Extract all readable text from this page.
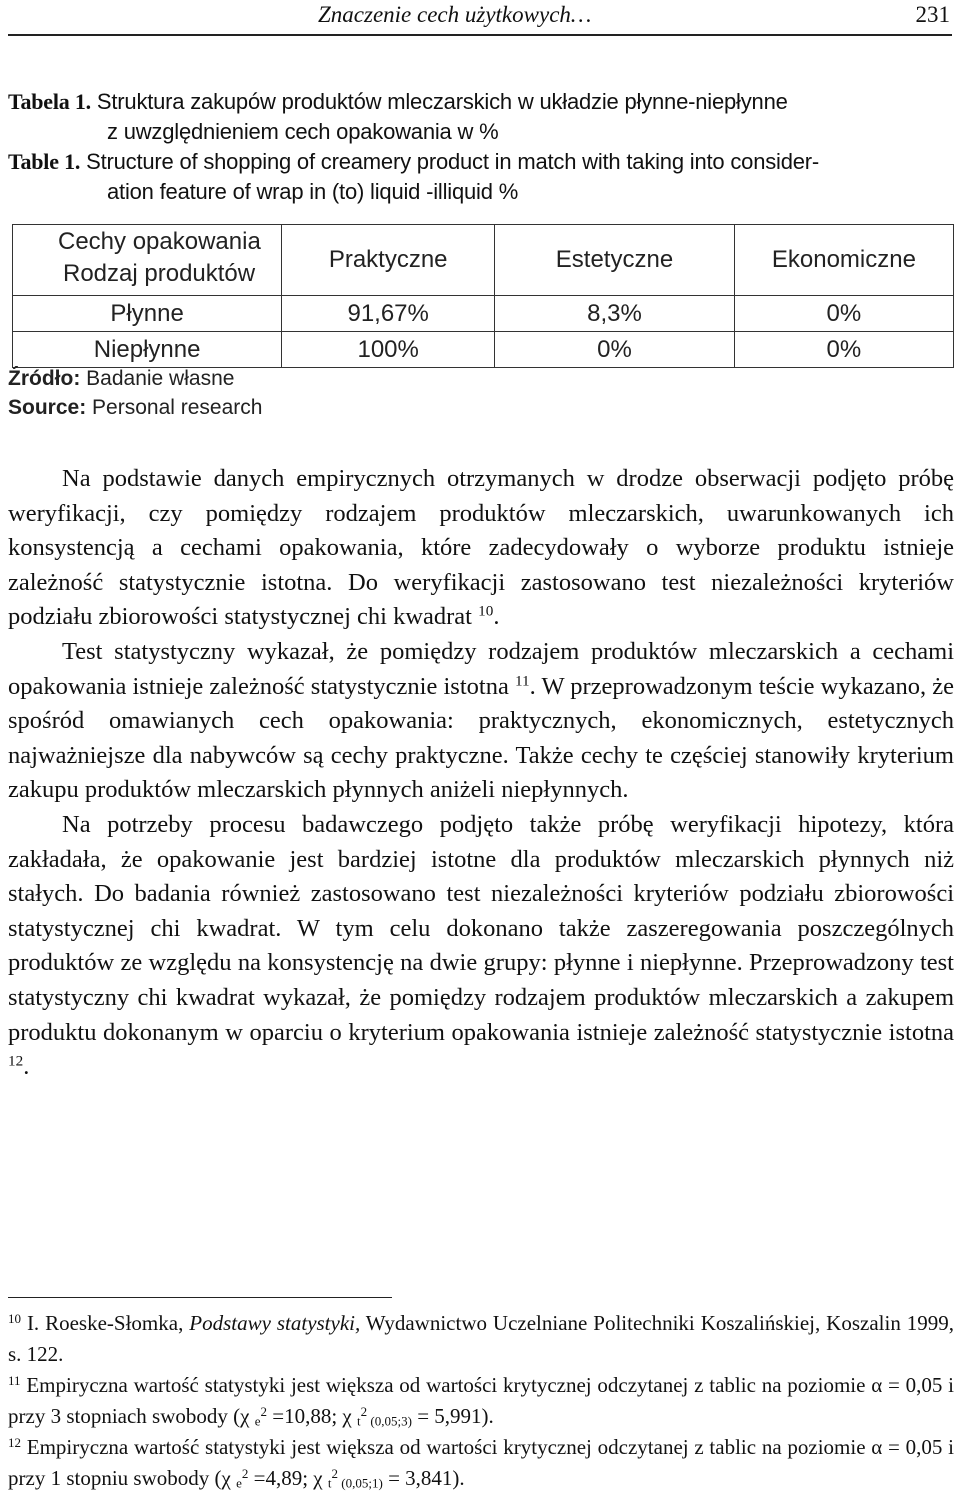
Znaczenie cech użytkowych…	231
Tabela 1. Struktura zakupów produktów mleczarskich w układzie płynne-niepłynne
z uwzględnieniem cech opakowania w %
Table 1. Structure of shopping of creamery product in match with taking into consider-
ation feature of wrap in (to) liquid -illiquid %
Cechy opakowania
Rodzaj produktów	Praktyczne	Estetyczne	Ekonomiczne
Płynne	91,67%	8,3%	0%
Niepłynne	100%	0%	0%
Źródło: Badanie własne
Source: Personal research

Na podstawie danych empirycznych otrzymanych w drodze obserwacji podjęto próbę weryfikacji, czy pomiędzy rodzajem produktów mleczarskich, uwarunkowanych ich konsystencją a cechami opakowania, które zadecydowały o wyborze produktu istnieje zależność statystycznie istotna. Do weryfikacji zastosowano test niezależności kryteriów podziału zbiorowości statystycznej chi kwadrat $^{10}$.

Test statystyczny wykazał, że pomiędzy rodzajem produktów mleczarskich a cechami opakowania istnieje zależność statystycznie istotna $^{11}$. W przeprowadzonym teście wykazano, że spośród omawianych cech opakowania: praktycznych, ekonomicznych, estetycznych najważniejsze dla nabywców są cechy praktyczne. Także cechy te częściej stanowiły kryterium zakupu produktów mleczarskich płynnych aniżeli niepłynnych.

Na potrzeby procesu badawczego podjęto także próbę weryfikacji hipotezy, która zakładała, że opakowanie jest bardziej istotne dla produktów mleczarskich płynnych niż stałych. Do badania również zastosowano test niezależności kryteriów podziału zbiorowości statystycznej chi kwadrat. W tym celu dokonano także zaszeregowania poszczególnych produktów ze względu na konsystencję na dwie grupy: płynne i niepłynne. Przeprowadzony test statystyczny chi kwadrat wykazał, że pomiędzy rodzajem produktów mleczarskich a zakupem produktu dokonanym w oparciu o kryterium opakowania istnieje zależność statystycznie istotna $^{12}$.

$^{10}$ I. Roeske-Słomka, Podstawy statystyki, Wydawnictwo Uczelniane Politechniki Koszalińskiej, Koszalin 1999, s. 122.

$^{11}$ Empiryczna wartość statystyki jest większa od wartości krytycznej odczytanej z tablic na poziomie α = 0,05 i przy 3 stopniach swobody (χ $_e^2$ =10,88; χ $_t^2$ $_{(0,05;3)}$ = 5,991).

$^{12}$ Empiryczna wartość statystyki jest większa od wartości krytycznej odczytanej z tablic na poziomie α = 0,05 i przy 1 stopniu swobody (χ $_e^2$ =4,89; χ $_t^2$ $_{(0,05;1)}$ = 3,841).
